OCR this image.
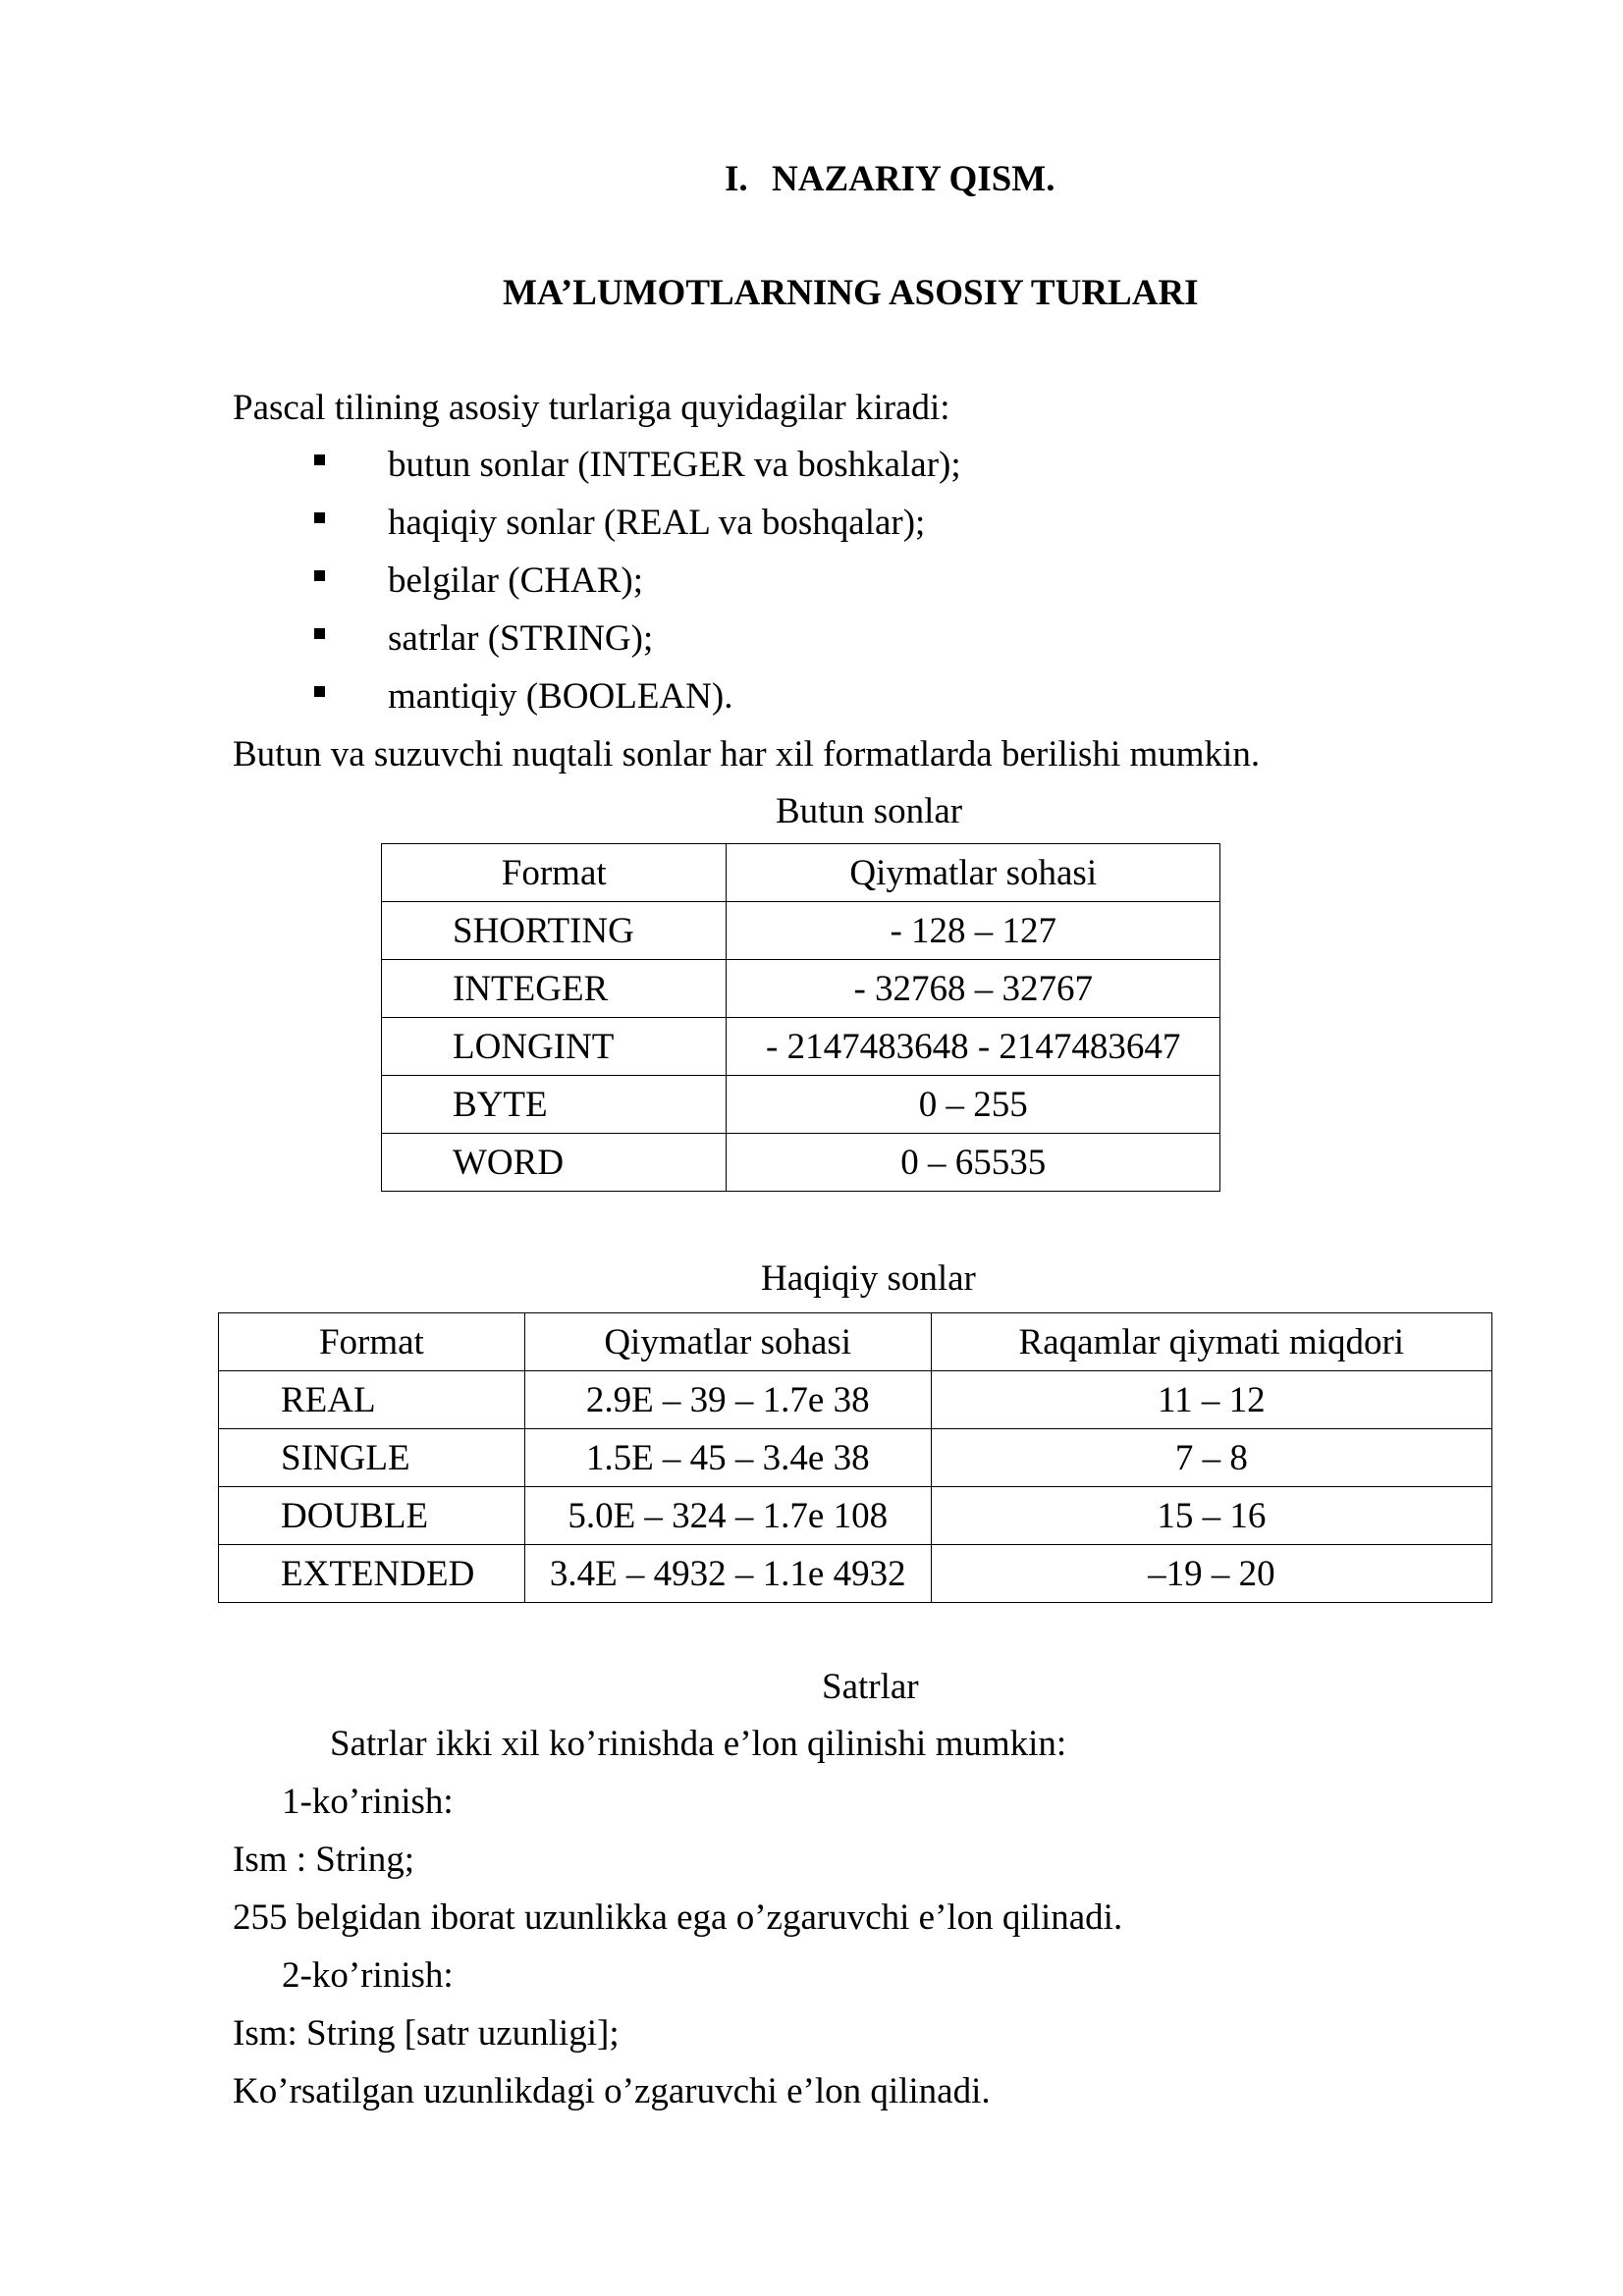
I. NAZARIY QISM.
MA’LUMOTLARNING ASOSIY TURLARI
Pascal tilining asosiy turlariga quyidagilar kiradi:
butun sonlar (INTEGER va boshkalar);
haqiqiy sonlar (REAL va boshqalar);
belgilar (CHAR);
satrlar (STRING);
mantiqiy (BOOLEAN).
Butun va suzuvchi nuqtali sonlar har xil formatlarda berilishi mumkin.
Butun sonlar
Format	Qiymatlar sohasi
SHORTING	- 128 – 127
INTEGER	- 32768 – 32767
LONGINT	- 2147483648 - 2147483647
BYTE	0 – 255
WORD	0 – 65535
Haqiqiy sonlar
Format	Qiymatlar sohasi	Raqamlar qiymati miqdori
REAL	2.9E – 39 – 1.7e 38	11 – 12
SINGLE	1.5E – 45 – 3.4e 38	7 – 8
DOUBLE	5.0E – 324 – 1.7e 108	15 – 16
EXTENDED	3.4E – 4932 – 1.1e 4932	–19 – 20
Satrlar
Satrlar ikki xil ko’rinishda e’lon qilinishi mumkin:
1-ko’rinish:
Ism : String;
255 belgidan iborat uzunlikka ega o’zgaruvchi e’lon qilinadi.
2-ko’rinish:
Ism: String [satr uzunligi];
Ko’rsatilgan uzunlikdagi o’zgaruvchi e’lon qilinadi.
